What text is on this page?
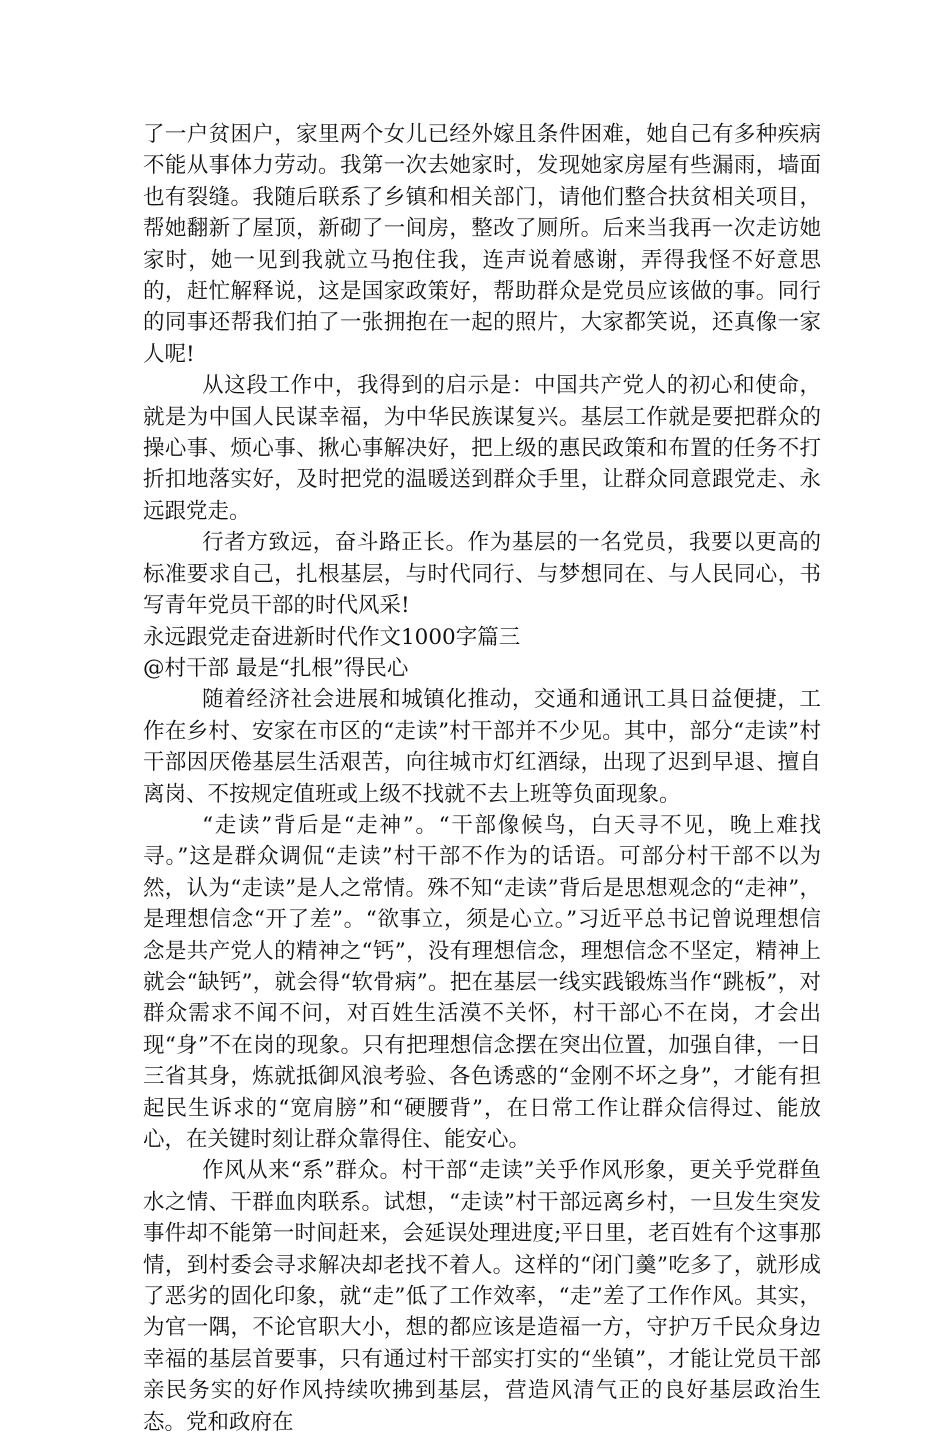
了一户贫困户，家里两个女儿已经外嫁且条件困难，她自己有多种疾病不能从事体力劳动。我第一次去她家时，发现她家房屋有些漏雨，墙面也有裂缝。我随后联系了乡镇和相关部门，请他们整合扶贫相关项目，帮她翻新了屋顶，新砌了一间房，整改了厕所。后来当我再一次走访她家时，她一见到我就立马抱住我，连声说着感谢，弄得我怪不好意思的，赶忙解释说，这是国家政策好，帮助群众是党员应该做的事。同行的同事还帮我们拍了一张拥抱在一起的照片，大家都笑说，还真像一家人呢!

从这段工作中，我得到的启示是：中国共产党人的初心和使命，就是为中国人民谋幸福，为中华民族谋复兴。基层工作就是要把群众的操心事、烦心事、揪心事解决好，把上级的惠民政策和布置的任务不打折扣地落实好，及时把党的温暖送到群众手里，让群众同意跟党走、永远跟党走。

行者方致远，奋斗路正长。作为基层的一名党员，我要以更高的标准要求自己，扎根基层，与时代同行、与梦想同在、与人民同心，书写青年党员干部的时代风采!

永远跟党走奋进新时代作文1000字篇三

@村干部 最是“扎根”得民心

随着经济社会进展和城镇化推动，交通和通讯工具日益便捷，工作在乡村、安家在市区的“走读”村干部并不少见。其中，部分“走读”村干部因厌倦基层生活艰苦，向往城市灯红酒绿，出现了迟到早退、擅自离岗、不按规定值班或上级不找就不去上班等负面现象。

“走读”背后是“走神”。“干部像候鸟，白天寻不见，晚上难找寻。”这是群众调侃“走读”村干部不作为的话语。可部分村干部不以为然，认为“走读”是人之常情。殊不知“走读”背后是思想观念的“走神”，是理想信念“开了差”。“欲事立，须是心立。”习近平总书记曾说理想信念是共产党人的精神之“钙”，没有理想信念，理想信念不坚定，精神上就会“缺钙”，就会得“软骨病”。把在基层一线实践锻炼当作“跳板”，对群众需求不闻不问，对百姓生活漠不关怀，村干部心不在岗，才会出现“身”不在岗的现象。只有把理想信念摆在突出位置，加强自律，一日三省其身，炼就抵御风浪考验、各色诱惑的“金刚不坏之身”，才能有担起民生诉求的“宽肩膀”和“硬腰背”，在日常工作让群众信得过、能放心，在关键时刻让群众靠得住、能安心。

作风从来“系”群众。村干部“走读”关乎作风形象，更关乎党群鱼水之情、干群血肉联系。试想，“走读”村干部远离乡村，一旦发生突发事件却不能第一时间赶来，会延误处理进度;平日里，老百姓有个这事那情，到村委会寻求解决却老找不着人。这样的“闭门羹”吃多了，就形成了恶劣的固化印象，就“走”低了工作效率，“走”差了工作作风。其实，为官一隅，不论官职大小，想的都应该是造福一方，守护万千民众身边幸福的基层首要事，只有通过村干部实打实的“坐镇”，才能让党员干部亲民务实的好作风持续吹拂到基层，营造风清气正的良好基层政治生态。党和政府在
